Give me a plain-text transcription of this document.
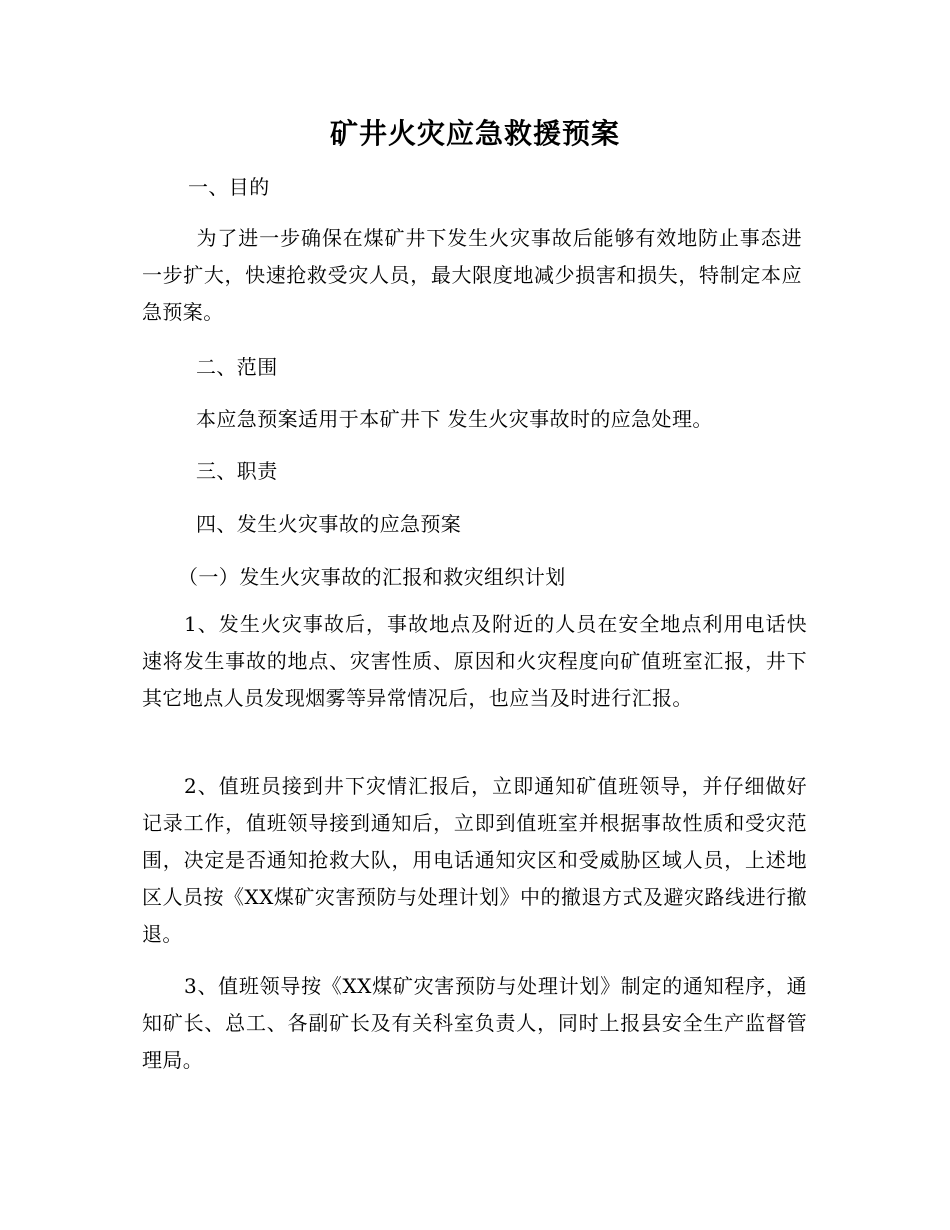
矿井火灾应急救援预案
一、目的
为了进一步确保在煤矿井下发生火灾事故后能够有效地防止事态进一步扩大，快速抢救受灾人员，最大限度地减少损害和损失，特制定本应急预案。
二、范围
本应急预案适用于本矿井下 发生火灾事故时的应急处理。
三、职责
四、发生火灾事故的应急预案
（一）发生火灾事故的汇报和救灾组织计划
1、发生火灾事故后，事故地点及附近的人员在安全地点利用电话快速将发生事故的地点、灾害性质、原因和火灾程度向矿值班室汇报，井下其它地点人员发现烟雾等异常情况后，也应当及时进行汇报。
2、值班员接到井下灾情汇报后，立即通知矿值班领导，并仔细做好记录工作，值班领导接到通知后，立即到值班室并根据事故性质和受灾范围，决定是否通知抢救大队，用电话通知灾区和受威胁区域人员，上述地区人员按《XX煤矿灾害预防与处理计划》中的撤退方式及避灾路线进行撤退。
3、值班领导按《XX煤矿灾害预防与处理计划》制定的通知程序，通知矿长、总工、各副矿长及有关科室负责人，同时上报县安全生产监督管理局。
